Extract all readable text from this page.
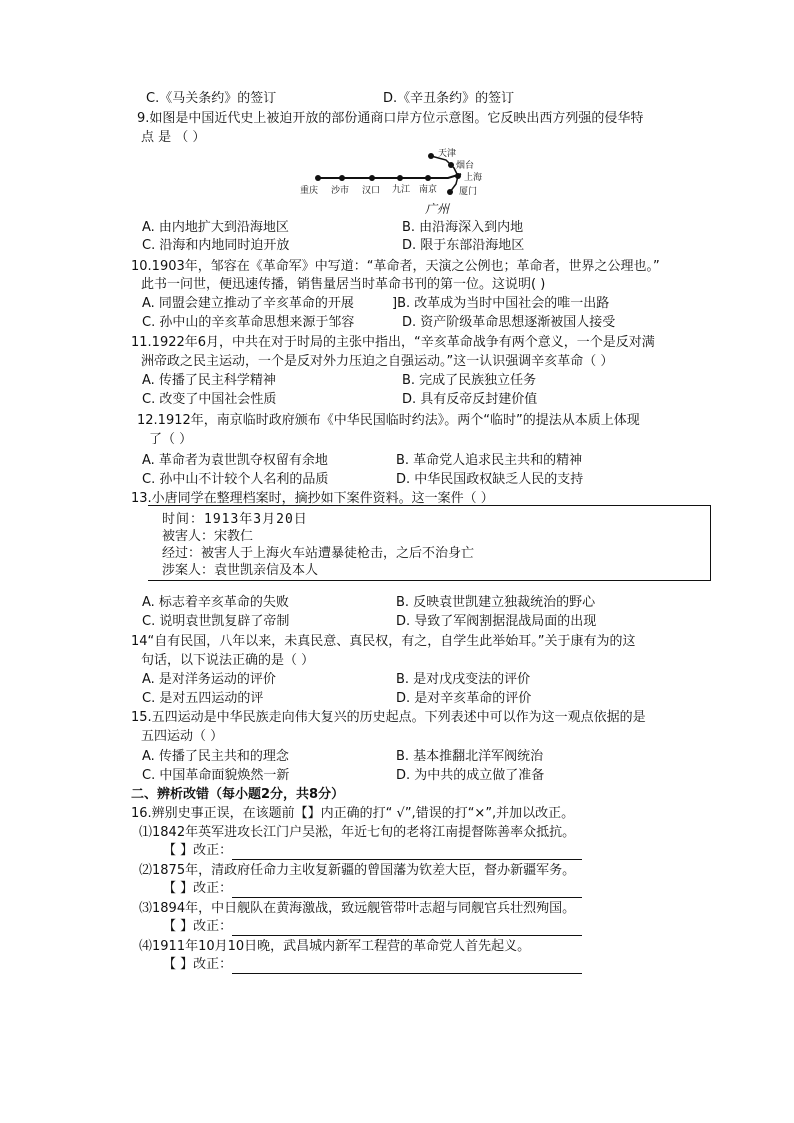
C.《马关条约》的签订	D.《辛丑条约》的签订
9.如图是中国近代史上被迫开放的部份通商口岸方位示意图。它反映出西方列强的侵华特
点 是 （ ）
重庆 沙市 汉口 九江 南京
天津
烟台
上海
厦门
广州
A. 由内地扩大到沿海地区	B. 由沿海深入到内地
C. 沿海和内地同时迫开放	D. 限于东部沿海地区
10.1903年，邹容在《革命军》中写道：“革命者，天演之公例也；革命者，世界之公理也。”
此书一问世，便迅速传播，销售量居当时革命书刊的第一位。这说明( )
A. 同盟会建立推动了辛亥革命的开展	]B. 改革成为当时中国社会的唯一出路
C. 孙中山的辛亥革命思想来源于邹容	D. 资产阶级革命思想逐渐被国人接受
11.1922年6月，中共在对于时局的主张中指出，“辛亥革命战争有两个意义，一个是反对满
洲帝政之民主运动，一个是反对外力压迫之自强运动。”这一认识强调辛亥革命（ ）
A. 传播了民主科学精神	B. 完成了民族独立任务
C. 改变了中国社会性质	D. 具有反帝反封建价值
12.1912年，南京临时政府颁布《中华民国临时约法》。两个“临时”的提法从本质上体现
了（ ）
A. 革命者为袁世凯夺权留有余地	B. 革命党人追求民主共和的精神
C. 孙中山不计较个人名利的品质	D. 中华民国政权缺乏人民的支持
13.小唐同学在整理档案时，摘抄如下案件资料。这一案件（ ）
时间：1913年3月20日
被害人：宋教仁
经过：被害人于上海火车站遭暴徒枪击，之后不治身亡
涉案人：袁世凯亲信及本人
A. 标志着辛亥革命的失败	B. 反映袁世凯建立独裁统治的野心
C. 说明袁世凯复辟了帝制	D. 导致了军阀割据混战局面的出现
14“自有民国，八年以来，未真民意、真民权，有之，自学生此举始耳。”关于康有为的这
句话，以下说法正确的是（ ）
A. 是对洋务运动的评价	B. 是对戊戌变法的评价
C. 是对五四运动的评	D. 是对辛亥革命的评价
15.五四运动是中华民族走向伟大复兴的历史起点。下列表述中可以作为这一观点依据的是
五四运动（ ）
A. 传播了民主共和的理念	B. 基本推翻北洋军阀统治
C. 中国革命面貌焕然一新	D. 为中共的成立做了准备
二、辨析改错（每小题2分，共8分）
16.辨别史事正误，在该题前【】内正确的打“ √”,错误的打“×”,并加以改正。
⑴1842年英军进攻长江门户吴淞，年近七旬的老将江南提督陈善率众抵抗。
【 】改正：
⑵1875年，清政府任命力主收复新疆的曾国藩为钦差大臣，督办新疆军务。
【 】改正：
⑶1894年，中日舰队在黄海激战，致远舰管带叶志超与同舰官兵壮烈殉国。
【 】改正：
⑷1911年10月10日晚，武昌城内新军工程营的革命党人首先起义。
【 】改正：
